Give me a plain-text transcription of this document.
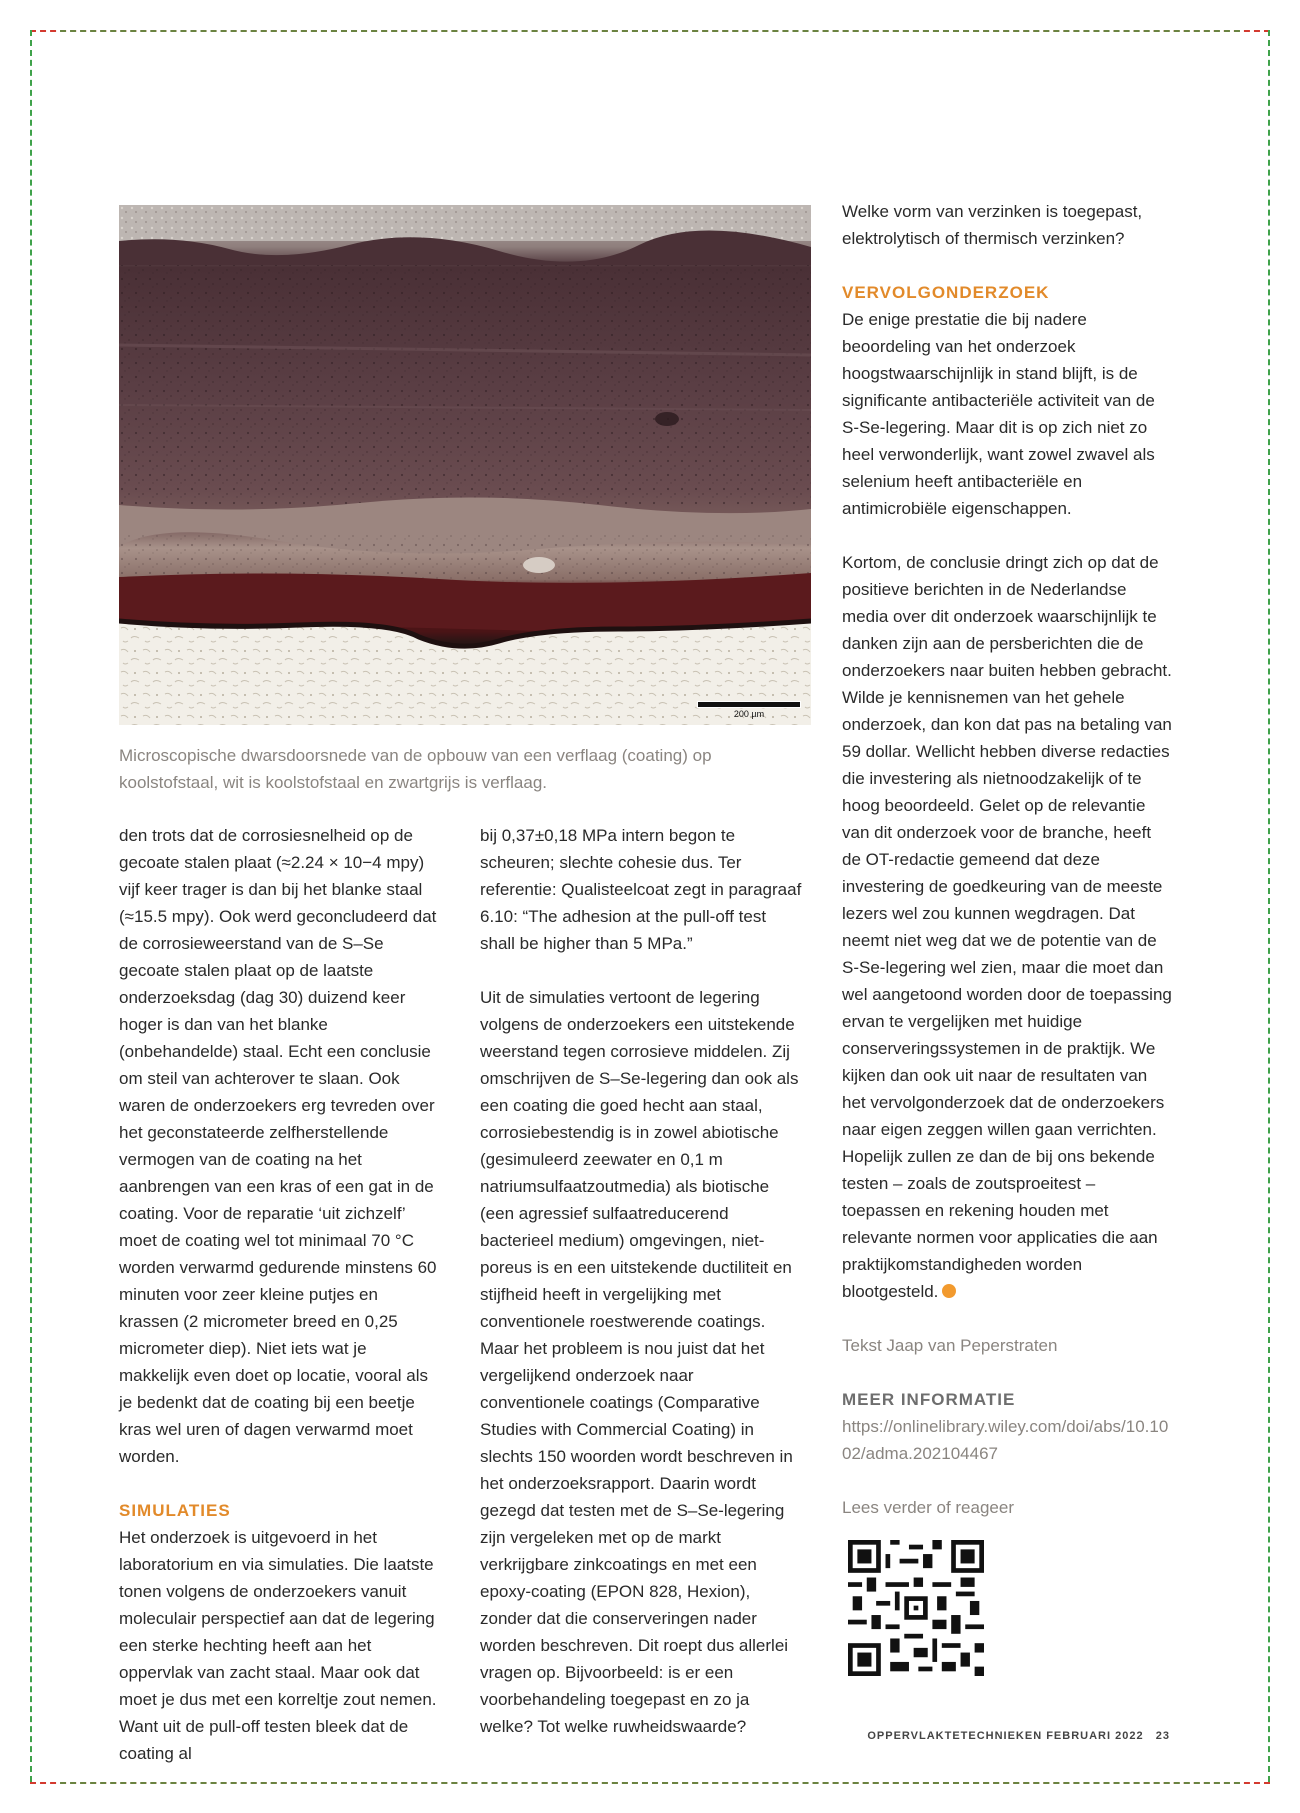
200 µm
Microscopische dwarsdoorsnede van de opbouw van een verflaag (coating) op koolstofstaal, wit is koolstofstaal en zwartgrijs is verflaag.

den trots dat de corrosiesnelheid op de gecoate stalen plaat (≈2.24 × 10−4 mpy) vijf keer trager is dan bij het blanke staal (≈15.5 mpy). Ook werd geconcludeerd dat de corrosieweerstand van de S–Se gecoate stalen plaat op de laatste onderzoeksdag (dag 30) duizend keer hoger is dan van het blanke (onbehandelde) staal. Echt een conclusie om steil van achterover te slaan. Ook waren de onderzoekers erg tevreden over het geconstateerde zelfherstellende vermogen van de coating na het aanbrengen van een kras of een gat in de coating. Voor de reparatie ‘uit zichzelf’ moet de coating wel tot minimaal 70 °C worden verwarmd gedurende minstens 60 minuten voor zeer kleine putjes en krassen (2 micrometer breed en 0,25 micrometer diep). Niet iets wat je makkelijk even doet op locatie, vooral als je bedenkt dat de coating bij een beetje kras wel uren of dagen verwarmd moet worden.

SIMULATIES

Het onderzoek is uitgevoerd in het laboratorium en via simulaties. Die laatste tonen volgens de onderzoekers vanuit moleculair perspectief aan dat de legering een sterke hechting heeft aan het oppervlak van zacht staal. Maar ook dat moet je dus met een korreltje zout nemen. Want uit de pull-off testen bleek dat de coating al

bij 0,37±0,18 MPa intern begon te scheuren; slechte cohesie dus. Ter referentie: Qualisteelcoat zegt in paragraaf 6.10: “The adhesion at the pull-off test shall be higher than 5 MPa.”

Uit de simulaties vertoont de legering volgens de onderzoekers een uitstekende weerstand tegen corrosieve middelen. Zij omschrijven de S–Se-legering dan ook als een coating die goed hecht aan staal, corrosiebestendig is in zowel abiotische (gesimuleerd zeewater en 0,1 m natriumsulfaatzoutmedia) als biotische (een agressief sulfaatreducerend bacterieel medium) omgevingen, niet-poreus is en een uitstekende ductiliteit en stijfheid heeft in vergelijking met conventionele roestwerende coatings. Maar het probleem is nou juist dat het vergelijkend onderzoek naar conventionele coatings (Comparative Studies with Commercial Coating) in slechts 150 woorden wordt beschreven in het onderzoeksrapport. Daarin wordt gezegd dat testen met de S–Se-legering zijn vergeleken met op de markt verkrijgbare zinkcoatings en met een epoxy-coating (EPON 828, Hexion), zonder dat die conserveringen nader worden beschreven. Dit roept dus allerlei vragen op. Bijvoorbeeld: is er een voorbehandeling toegepast en zo ja welke? Tot welke ruwheidswaarde?

Welke vorm van verzinken is toegepast, elektrolytisch of thermisch verzinken?

VERVOLGONDERZOEK

De enige prestatie die bij nadere beoordeling van het onderzoek hoogstwaarschijnlijk in stand blijft, is de significante antibacteriële activiteit van de S-Se-legering. Maar dit is op zich niet zo heel verwonderlijk, want zowel zwavel als selenium heeft antibacteriële en antimicrobiële eigenschappen.

Kortom, de conclusie dringt zich op dat de positieve berichten in de Nederlandse media over dit onderzoek waarschijnlijk te danken zijn aan de persberichten die de onderzoekers naar buiten hebben gebracht. Wilde je kennisnemen van het gehele onderzoek, dan kon dat pas na betaling van 59 dollar. Wellicht hebben diverse redacties die investering als nietnoodzakelijk of te hoog beoordeeld. Gelet op de relevantie van dit onderzoek voor de branche, heeft de OT-redactie gemeend dat deze investering de goedkeuring van de meeste lezers wel zou kunnen wegdragen. Dat neemt niet weg dat we de potentie van de S-Se-legering wel zien, maar die moet dan wel aangetoond worden door de toepassing ervan te vergelijken met huidige conserveringssystemen in de praktijk. We kijken dan ook uit naar de resultaten van het vervolgonderzoek dat de onderzoekers naar eigen zeggen willen gaan verrichten. Hopelijk zullen ze dan de bij ons bekende testen – zoals de zoutsproeitest – toepassen en rekening houden met relevante normen voor applicaties die aan praktijkomstandigheden worden blootgesteld.

Tekst Jaap van Peperstraten

MEER INFORMATIE

https://onlinelibrary.wiley.com/doi/abs/10.1002/adma.202104467

Lees verder of reageer

OPPERVLAKTETECHNIEKEN FEBRUARI 2022 23
